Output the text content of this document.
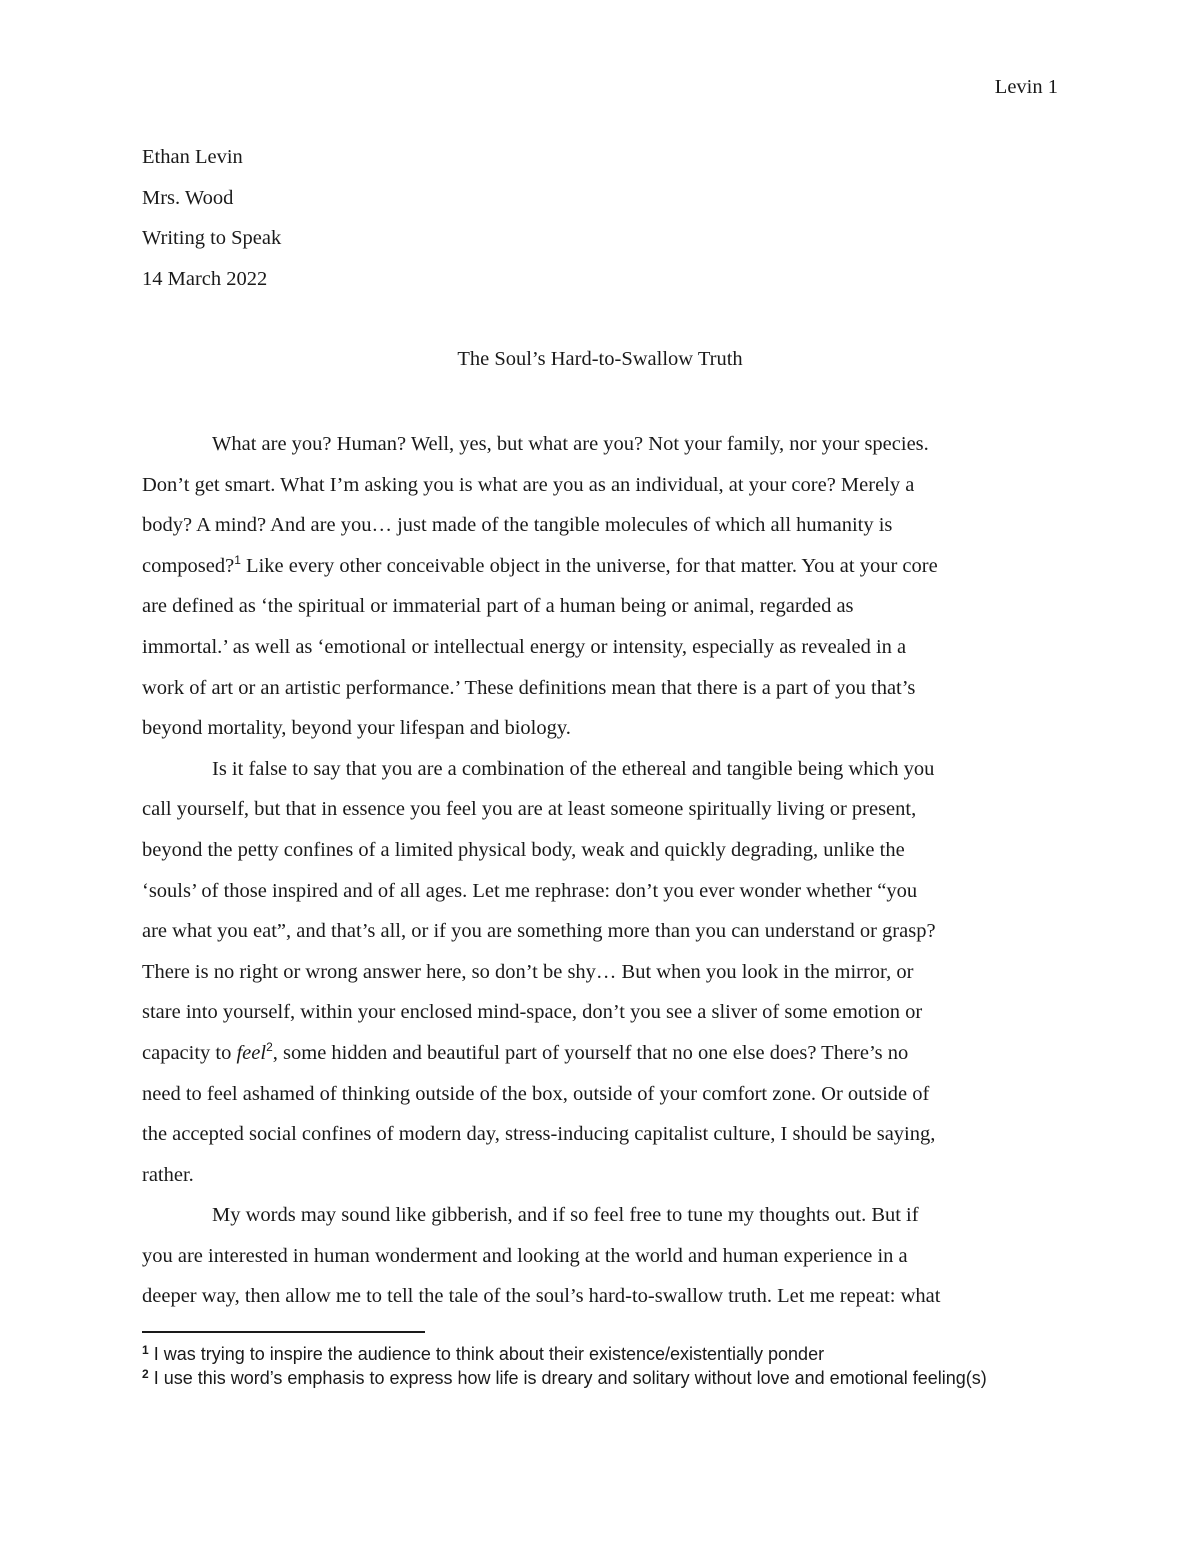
Levin 1
Ethan Levin
Mrs. Wood
Writing to Speak
14 March 2022
The Soul’s Hard-to-Swallow Truth

What are you? Human? Well, yes, but what are you? Not your family, nor your species.
Don’t get smart. What I’m asking you is what are you as an individual, at your core? Merely a
body? A mind? And are you… just made of the tangible molecules of which all humanity is
composed?$^1$ Like every other conceivable object in the universe, for that matter. You at your core
are defined as ‘the spiritual or immaterial part of a human being or animal, regarded as
immortal.’ as well as ‘emotional or intellectual energy or intensity, especially as revealed in a
work of art or an artistic performance.’ These definitions mean that there is a part of you that’s
beyond mortality, beyond your lifespan and biology.

Is it false to say that you are a combination of the ethereal and tangible being which you
call yourself, but that in essence you feel you are at least someone spiritually living or present,
beyond the petty confines of a limited physical body, weak and quickly degrading, unlike the
‘souls’ of those inspired and of all ages. Let me rephrase: don’t you ever wonder whether “you
are what you eat”, and that’s all, or if you are something more than you can understand or grasp?
There is no right or wrong answer here, so don’t be shy… But when you look in the mirror, or
stare into yourself, within your enclosed mind-space, don’t you see a sliver of some emotion or
capacity to feel$^2$, some hidden and beautiful part of yourself that no one else does? There’s no
need to feel ashamed of thinking outside of the box, outside of your comfort zone. Or outside of
the accepted social confines of modern day, stress-inducing capitalist culture, I should be saying,
rather.

My words may sound like gibberish, and if so feel free to tune my thoughts out. But if
you are interested in human wonderment and looking at the world and human experience in a
deeper way, then allow me to tell the tale of the soul’s hard-to-swallow truth. Let me repeat: what

$^1$ I was trying to inspire the audience to think about their existence/existentially ponder
$^2$ I use this word’s emphasis to express how life is dreary and solitary without love and emotional feeling(s)
